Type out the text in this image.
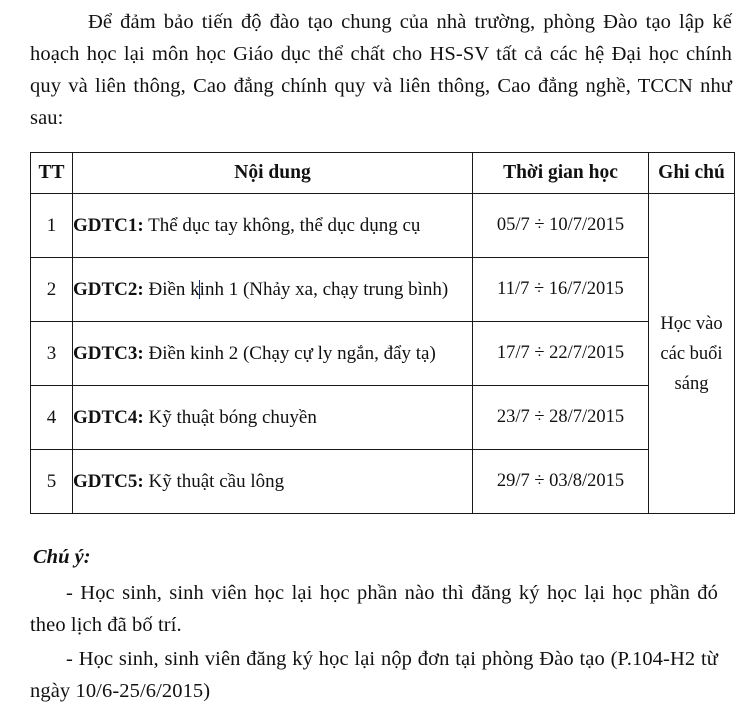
Để đảm bảo tiến độ đào tạo chung của nhà trường, phòng Đào tạo lập kế hoạch học lại môn học Giáo dục thể chất cho HS-SV tất cả các hệ Đại học chính quy và liên thông, Cao đẳng chính quy và liên thông, Cao đẳng nghề, TCCN như sau:

TT	Nội dung	Thời gian học	Ghi chú
1	GDTC1: Thể dục tay không, thể dục dụng cụ	05/7 ÷ 10/7/2015	Học vào các buổi sáng
2	GDTC2: Điền kinh 1 (Nhảy xa, chạy trung bình)	11/7 ÷ 16/7/2015	
3	GDTC3: Điền kinh 2 (Chạy cự ly ngắn, đẩy tạ)	17/7 ÷ 22/7/2015	
4	GDTC4: Kỹ thuật bóng chuyền	23/7 ÷ 28/7/2015	
5	GDTC5: Kỹ thuật cầu lông	29/7 ÷ 03/8/2015	
Chú ý:

- Học sinh, sinh viên học lại học phần nào thì đăng ký học lại học phần đó theo lịch đã bố trí.

- Học sinh, sinh viên đăng ký học lại nộp đơn tại phòng Đào tạo (P.104-H2 từ ngày 10/6-25/6/2015)
